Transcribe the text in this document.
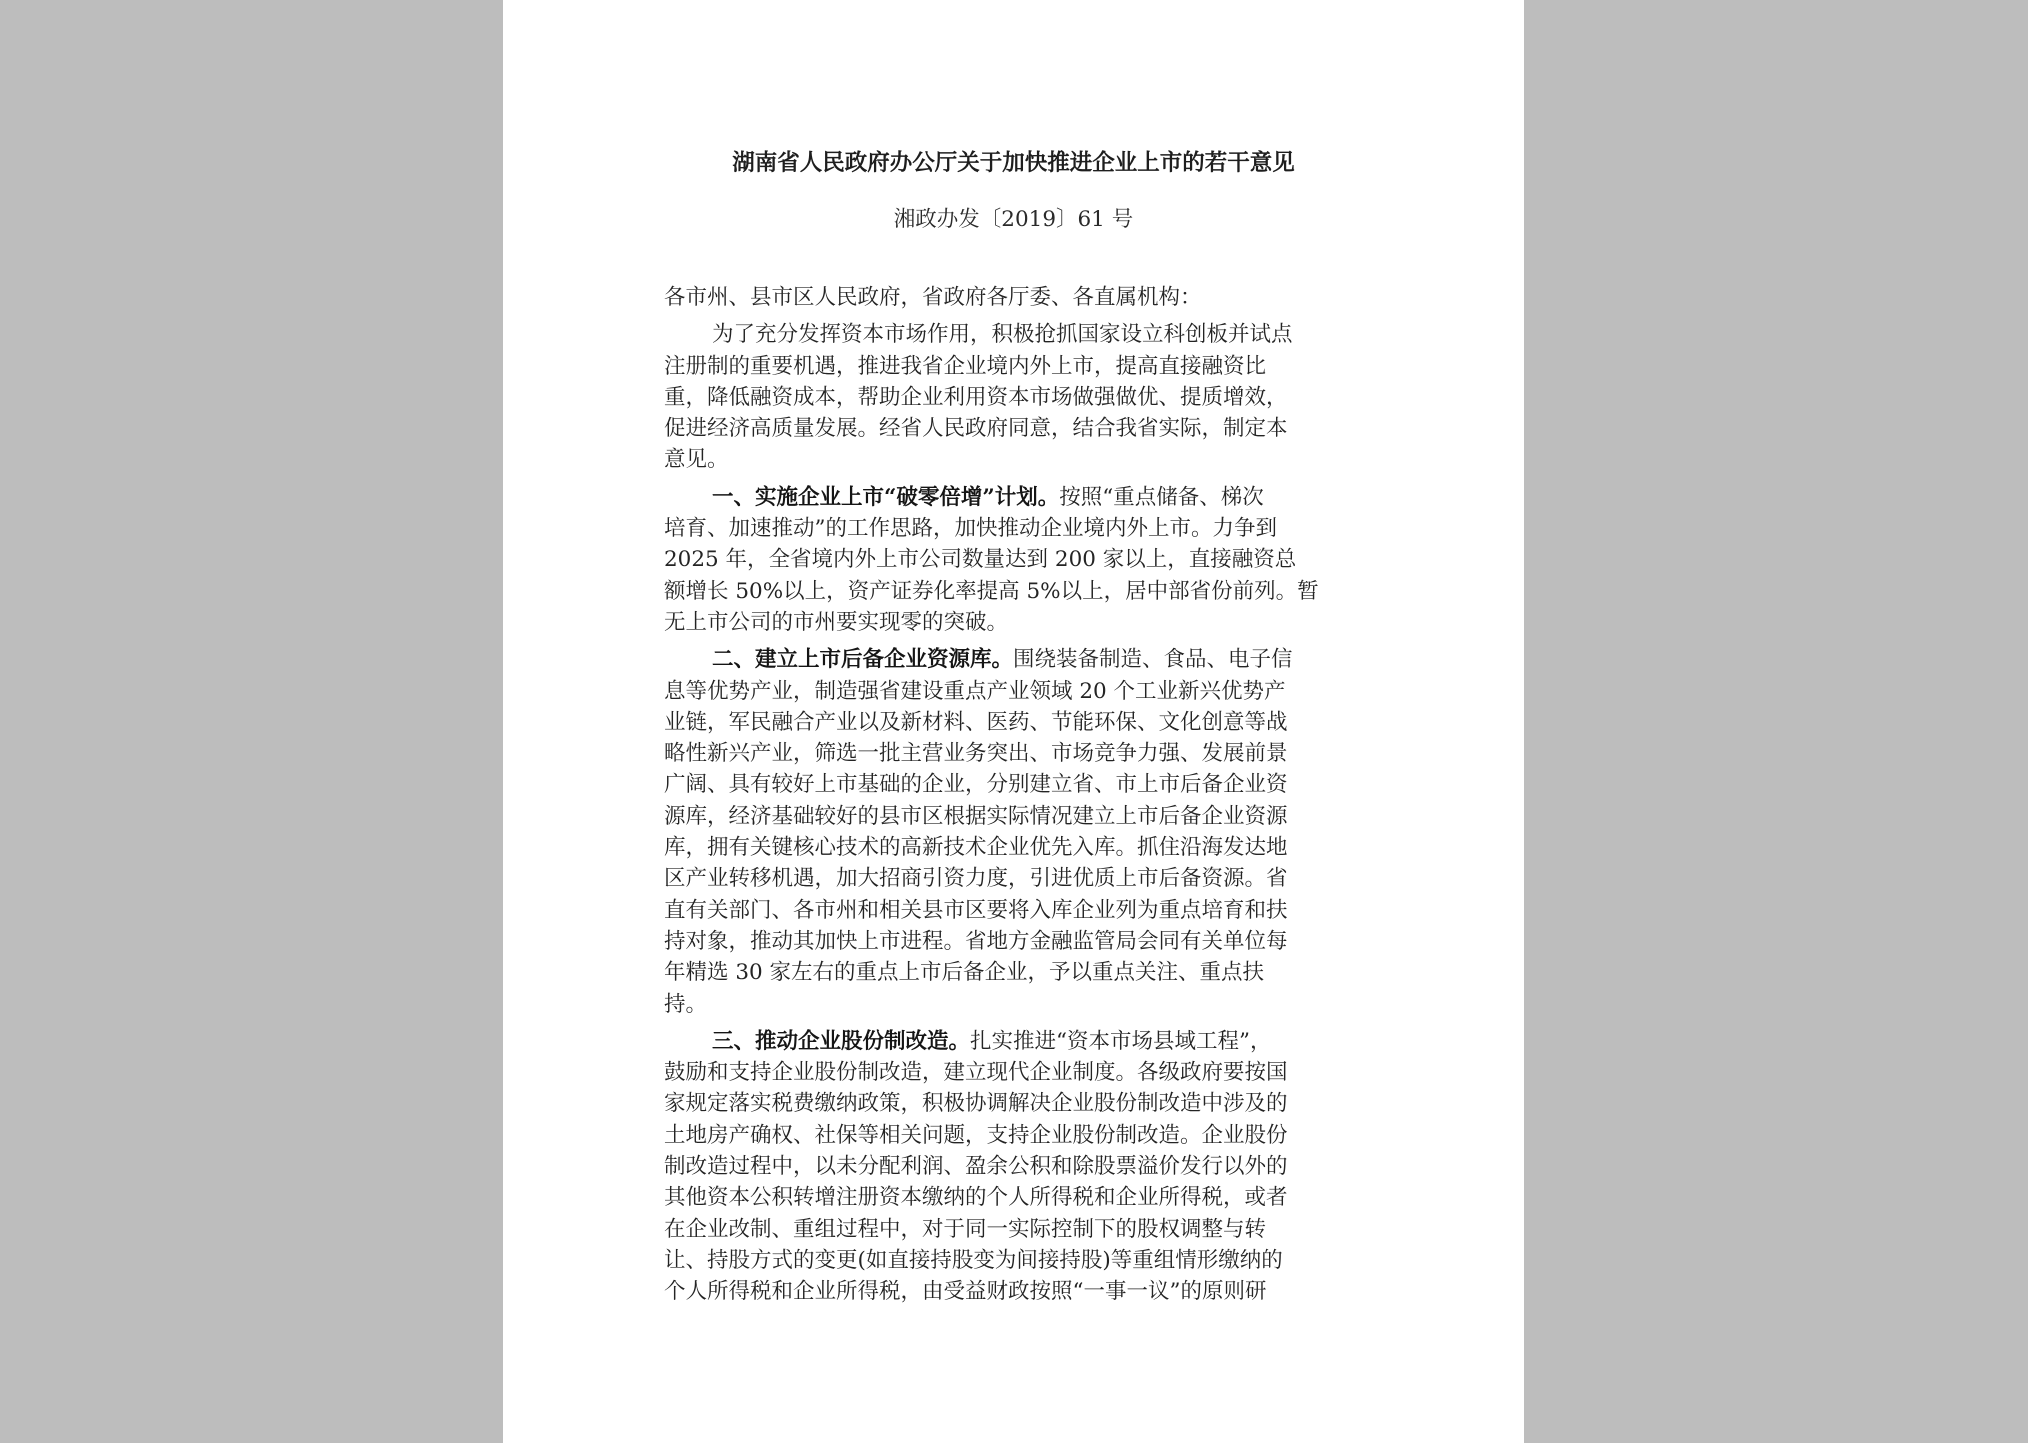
湖南省人民政府办公厅关于加快推进企业上市的若干意见
湘政办发〔2019〕61 号
各市州、县市区人民政府，省政府各厅委、各直属机构：
为了充分发挥资本市场作用，积极抢抓国家设立科创板并试点
注册制的重要机遇，推进我省企业境内外上市，提高直接融资比
重，降低融资成本，帮助企业利用资本市场做强做优、提质增效，
促进经济高质量发展。经省人民政府同意，结合我省实际，制定本
意见。
一、实施企业上市“破零倍增”计划。按照“重点储备、梯次
培育、加速推动”的工作思路，加快推动企业境内外上市。力争到
2025 年，全省境内外上市公司数量达到 200 家以上，直接融资总
额增长 50%以上，资产证券化率提高 5%以上，居中部省份前列。暂
无上市公司的市州要实现零的突破。
二、建立上市后备企业资源库。围绕装备制造、食品、电子信
息等优势产业，制造强省建设重点产业领域 20 个工业新兴优势产
业链，军民融合产业以及新材料、医药、节能环保、文化创意等战
略性新兴产业，筛选一批主营业务突出、市场竞争力强、发展前景
广阔、具有较好上市基础的企业，分别建立省、市上市后备企业资
源库，经济基础较好的县市区根据实际情况建立上市后备企业资源
库，拥有关键核心技术的高新技术企业优先入库。抓住沿海发达地
区产业转移机遇，加大招商引资力度，引进优质上市后备资源。省
直有关部门、各市州和相关县市区要将入库企业列为重点培育和扶
持对象，推动其加快上市进程。省地方金融监管局会同有关单位每
年精选 30 家左右的重点上市后备企业，予以重点关注、重点扶
持。
三、推动企业股份制改造。扎实推进“资本市场县域工程”，
鼓励和支持企业股份制改造，建立现代企业制度。各级政府要按国
家规定落实税费缴纳政策，积极协调解决企业股份制改造中涉及的
土地房产确权、社保等相关问题，支持企业股份制改造。企业股份
制改造过程中，以未分配利润、盈余公积和除股票溢价发行以外的
其他资本公积转增注册资本缴纳的个人所得税和企业所得税，或者
在企业改制、重组过程中，对于同一实际控制下的股权调整与转
让、持股方式的变更(如直接持股变为间接持股)等重组情形缴纳的
个人所得税和企业所得税，由受益财政按照“一事一议”的原则研
